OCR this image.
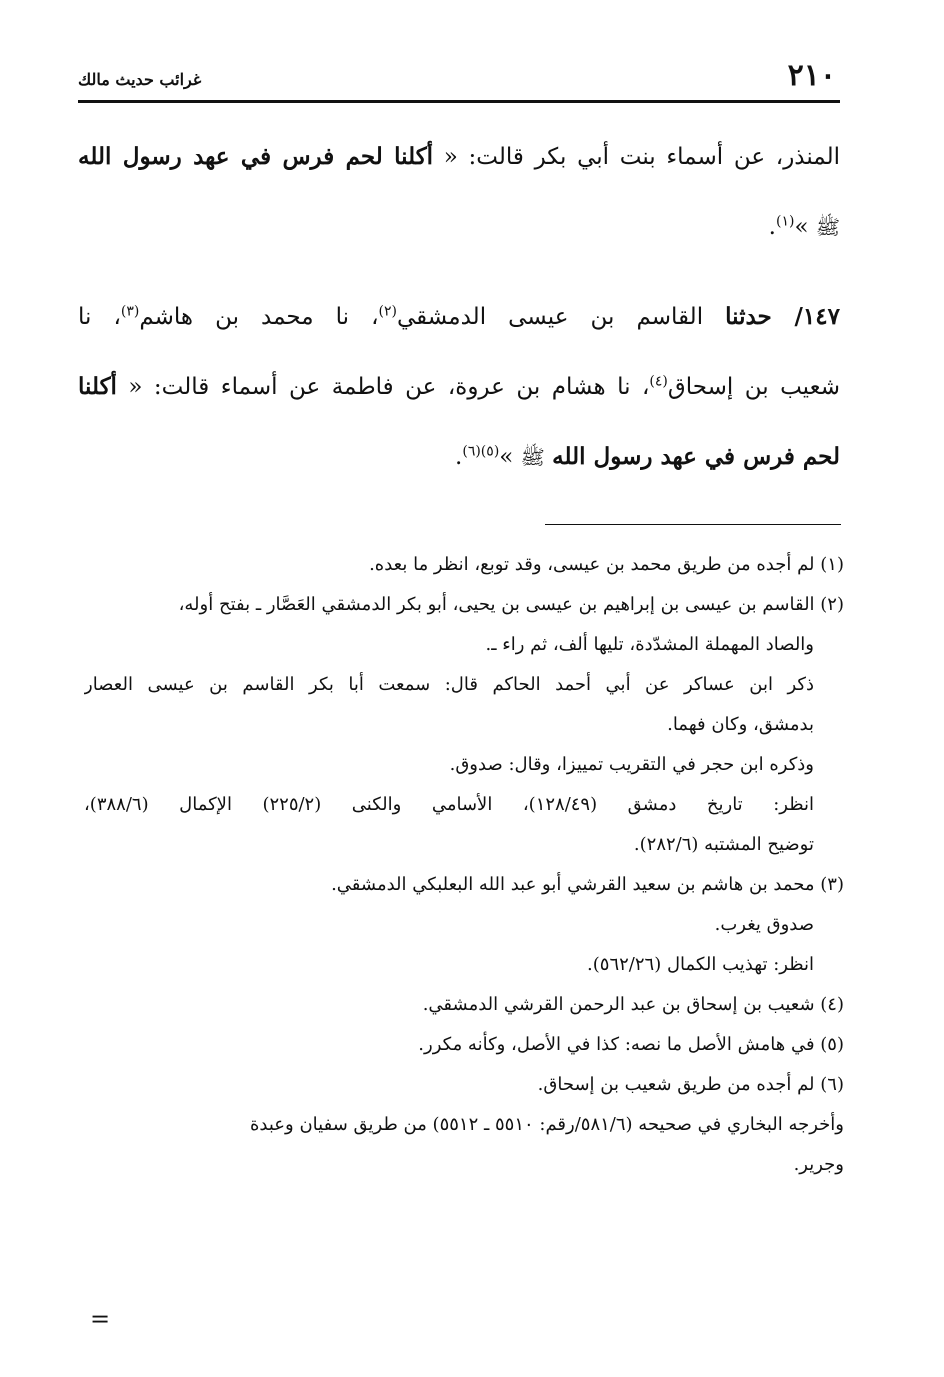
٢١٠
غرائب حديث مالك
المنذر، عن أسماء بنت أبي بكر قالت: « أكلنا لحم فرس في عهد رسول الله
ﷺ »$^{(١)}$.
١٤٧/ حدثنا القاسم بن عيسى الدمشقي$^{(٢)}$، نا محمد بن هاشم$^{(٣)}$، نا
شعيب بن إسحاق$^{(٤)}$، نا هشام بن عروة، عن فاطمة عن أسماء قالت: « أكلنا
لحم فرس في عهد رسول الله ﷺ »$^{(٥)(٦)}$.
(١) لم أجده من طريق محمد بن عيسى، وقد توبع، انظر ما بعده.
(٢) القاسم بن عيسى بن إبراهيم بن عيسى بن يحيى، أبو بكر الدمشقي العَصَّار ـ بفتح أوله،
والصاد المهملة المشدّدة، تليها ألف، ثم راء ـ.
ذكر ابن عساكر عن أبي أحمد الحاكم قال: سمعت أبا بكر القاسم بن عيسى العصار
بدمشق، وكان فهما.
وذكره ابن حجر في التقريب تمييزا، وقال: صدوق.
انظر: تاريخ دمشق (١٢٨/٤٩)، الأسامي والكنى (٢٢٥/٢) الإكمال (٣٨٨/٦)،
توضيح المشتبه (٢٨٢/٦).
(٣) محمد بن هاشم بن سعيد القرشي أبو عبد الله البعلبكي الدمشقي.
صدوق يغرب.
انظر: تهذيب الكمال (٥٦٢/٢٦).
(٤) شعيب بن إسحاق بن عبد الرحمن القرشي الدمشقي.
(٥) في هامش الأصل ما نصه: كذا في الأصل، وكأنه مكرر.
(٦) لم أجده من طريق شعيب بن إسحاق.
وأخرجه البخاري في صحيحه (٥٨١/٦/رقم: ٥٥١٠ ـ ٥٥١٢) من طريق سفيان وعبدة
وجرير.
=
